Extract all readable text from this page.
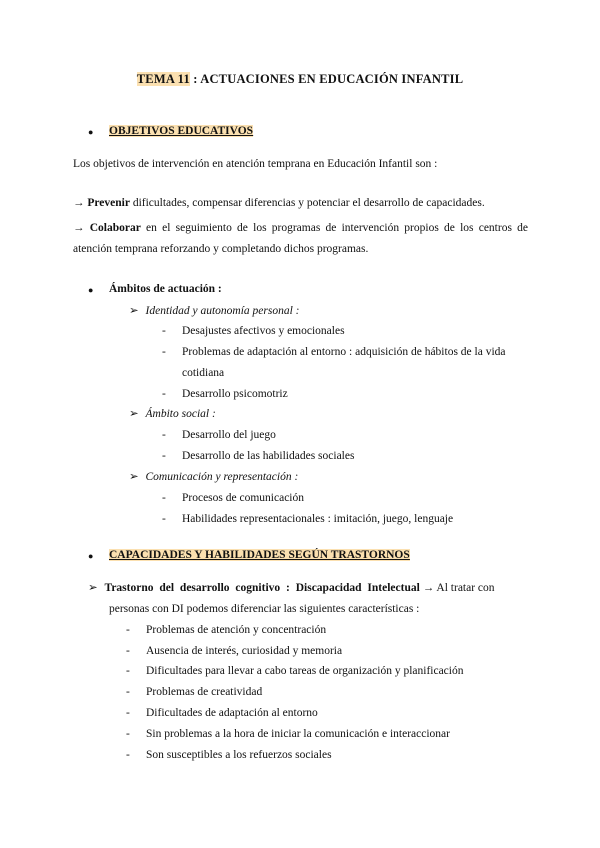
TEMA 11 : ACTUACIONES EN EDUCACIÓN INFANTIL
● OBJETIVOS EDUCATIVOS
Los objetivos de intervención en atención temprana en Educación Infantil son :
→ Prevenir dificultades, compensar diferencias y potenciar el desarrollo de capacidades.
→ Colaborar en el seguimiento de los programas de intervención propios de los centros de atención temprana reforzando y completando dichos programas.
● Ámbitos de actuación :
➢ Identidad y autonomía personal :
- Desajustes afectivos y emocionales
- Problemas de adaptación al entorno : adquisición de hábitos de la vida
cotidiana
- Desarrollo psicomotriz
➢ Ámbito social :
- Desarrollo del juego
- Desarrollo de las habilidades sociales
➢ Comunicación y representación :
- Procesos de comunicación
- Habilidades representacionales : imitación, juego, lenguaje
● CAPACIDADES Y HABILIDADES SEGÚN TRASTORNOS
➢ Trastorno del desarrollo cognitivo : Discapacidad Intelectual → Al tratar con
personas con DI podemos diferenciar las siguientes características :
- Problemas de atención y concentración
- Ausencia de interés, curiosidad y memoria
- Dificultades para llevar a cabo tareas de organización y planificación
- Problemas de creatividad
- Dificultades de adaptación al entorno
- Sin problemas a la hora de iniciar la comunicación e interaccionar
- Son susceptibles a los refuerzos sociales
